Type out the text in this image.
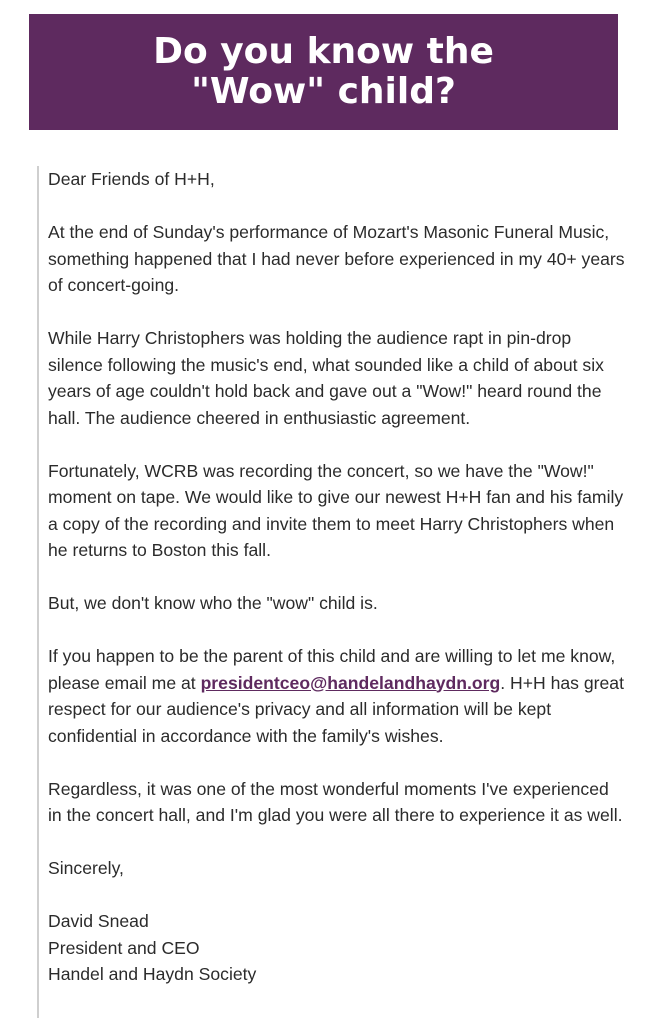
Do you know the
"Wow" child?

Dear Friends of H+H,

At the end of Sunday's performance of Mozart's Masonic Funeral Music, something happened that I had never before experienced in my 40+ years of concert-going.

While Harry Christophers was holding the audience rapt in pin-drop silence following the music's end, what sounded like a child of about six years of age couldn't hold back and gave out a "Wow!" heard round the hall. The audience cheered in enthusiastic agreement.

Fortunately, WCRB was recording the concert, so we have the "Wow!" moment on tape. We would like to give our newest H+H fan and his family a copy of the recording and invite them to meet Harry Christophers when he returns to Boston this fall.

But, we don't know who the "wow" child is.

If you happen to be the parent of this child and are willing to let me know, please email me at presidentceo@handelandhaydn.org. H+H has great respect for our audience's privacy and all information will be kept confidential in accordance with the family's wishes.

Regardless, it was one of the most wonderful moments I've experienced in the concert hall, and I'm glad you were all there to experience it as well.

Sincerely,

David Snead
President and CEO
Handel and Haydn Society
